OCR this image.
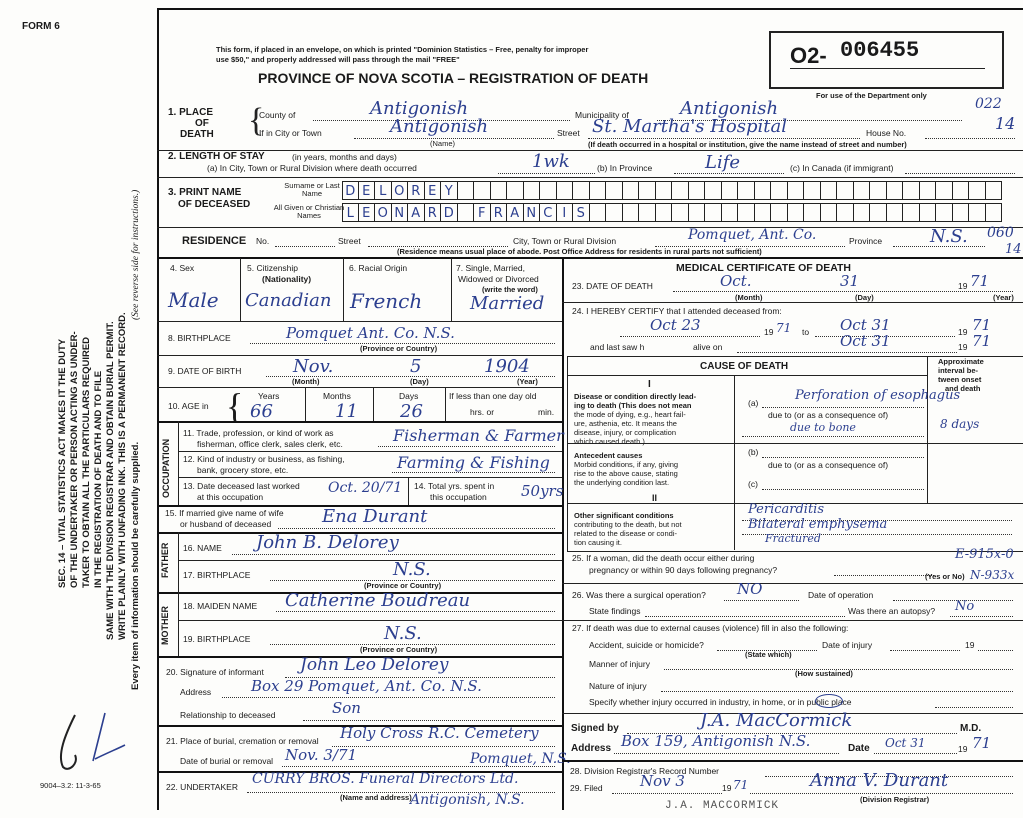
FORM 6
SEC. 14 – VITAL STATISTICS ACT MAKES IT THE DUTY OF THE UNDERTAKER OR PERSON ACTING AS UNDER- TAKER TO OBTAIN ALL THE PARTICULARS REQUIRED IN THE REGISTRATION OF DEATH AND TO FILE SAME WITH THE DIVISION REGISTRAR AND OBTAIN BURIAL PERMIT. WRITE PLAINLY WITH UNFADING INK. THIS IS A PERMANENT RECORD.
(See reverse side for instructions.)
Every item of information should be carefully supplied.
9004–3.2: 11-3-65
This form, if placed in an envelope, on which is printed "Dominion Statistics – Free, penalty for improper
use $50," and properly addressed will pass through the mail "FREE"
PROVINCE OF NOVA SCOTIA – REGISTRATION OF DEATH
O2- 006455
For use of the Department only
022
1. PLACE
OF
DEATH {
County of	Antigonish	Municipality of	Antigonish
If in City or Town	Antigonish
(Name)
Street St. Martha's Hospital	House No.	14
(If death occurred in a hospital or institution, give the name instead of street and number)
2. LENGTH OF STAY	(in years, months and days)
(a) In City, Town or Rural Division where death occurred	1wk	(b) In Province	Life	(c) In Canada (if immigrant)
3. PRINT NAME
OF DECEASED
Surname or Last Name
All Given or Christian Names
D E L O R E Y
L E O N A R D	F R A N C I S
RESIDENCE No.	Street	City, Town or Rural Division	Pomquet, Ant. Co.	Province	N.S. 060
14
(Residence means usual place of abode. Post Office Address for residents in rural parts not sufficient)
4. Sex
Male
5. Citizenship
(Nationality)
Canadian
6. Racial Origin
French
7. Single, Married,
Widowed or Divorced
(write the word)
Married
8. BIRTHPLACE	Pomquet Ant. Co. N.S.
(Province or Country)
9. DATE OF BIRTH	Nov.	5	1904
(Month)	(Day)	(Year)
10. AGE in { Years	Months	Days
66	11 26
If less than one day old
hrs. or	min.
OCCUPATION
11. Trade, profession, or kind of work as
fisherman, office clerk, sales clerk, etc.	Fisherman & Farmer
12. Kind of industry or business, as fishing,
bank, grocery store, etc.	Farming & Fishing
13. Date deceased last worked
at this occupation
Oct. 20/71 14. Total yrs. spent in
this occupation 50yrs
15. If married give name of wife
or husband of deceased	Ena Durant
FATHER 16. NAME John B. Delorey
17. BIRTHPLACE	N.S.
(Province or Country)
MOTHER 18. MAIDEN NAME Catherine Boudreau
19. BIRTHPLACE	N.S.
(Province or Country)
20. Signature of informant John Leo Delorey
Address	Box 29 Pomquet, Ant. Co. N.S.
Relationship to deceased	Son
21. Place of burial, cremation or removal Holy Cross R.C. Cemetery
Date of burial or removal Nov. 3/71	Pomquet, N.S.
22. UNDERTAKER CURRY BROS. Funeral Directors Ltd.
(Name and address)
Antigonish, N.S.
MEDICAL CERTIFICATE OF DEATH
23. DATE OF DEATH	Oct.	31	19 71
(Month)	(Day)	(Year)
24. I HEREBY CERTIFY that I attended deceased from:
Oct 23	19 71 to Oct 31	19 71
and last saw h	alive on	Oct 31	19 71
CAUSE OF DEATH	Approximate
interval be-
tween onset
and death
I
Disease or condition directly lead-
ing to death (This does not mean
the mode of dying, e.g., heart fail-
ure, asthenia, etc. It means the
disease, injury, or complication
which caused death.)
(a)	Perforation of esophagus
due to (or as a consequence of)
due to bone	8 days
Antecedent causes
Morbid conditions, if any, giving
rise to the above cause, stating
the underlying condition last.
(b)
due to (or as a consequence of)
(c)
II
Other significant conditions
contributing to the death, but not
related to the disease or condi-
tion causing it.
Pericarditis
Bilateral emphysema
Fractured
25. If a woman, did the death occur either during
pregnancy or within 90 days following pregnancy?
(Yes or No)
E-915x-0
N-933x
26. Was there a surgical operation? NO	Date of operation
State findings	Was there an autopsy? No
27. If death was due to external causes (violence) fill in also the following:
Accident, suicide or homicide?
(State which)
Date of injury	19
Manner of injury
(How sustained)
Nature of injury
Specify whether injury occurred in industry, in home, or in public place
Signed by	J.A. MacCormick	M.D.
Address Box 159, Antigonish N.S.	Date Oct 31	19 71
28. Division Registrar's Record Number
29. Filed Nov 3	19 71	Anna V. Durant
(Division Registrar)
J.A. MACCORMICK
